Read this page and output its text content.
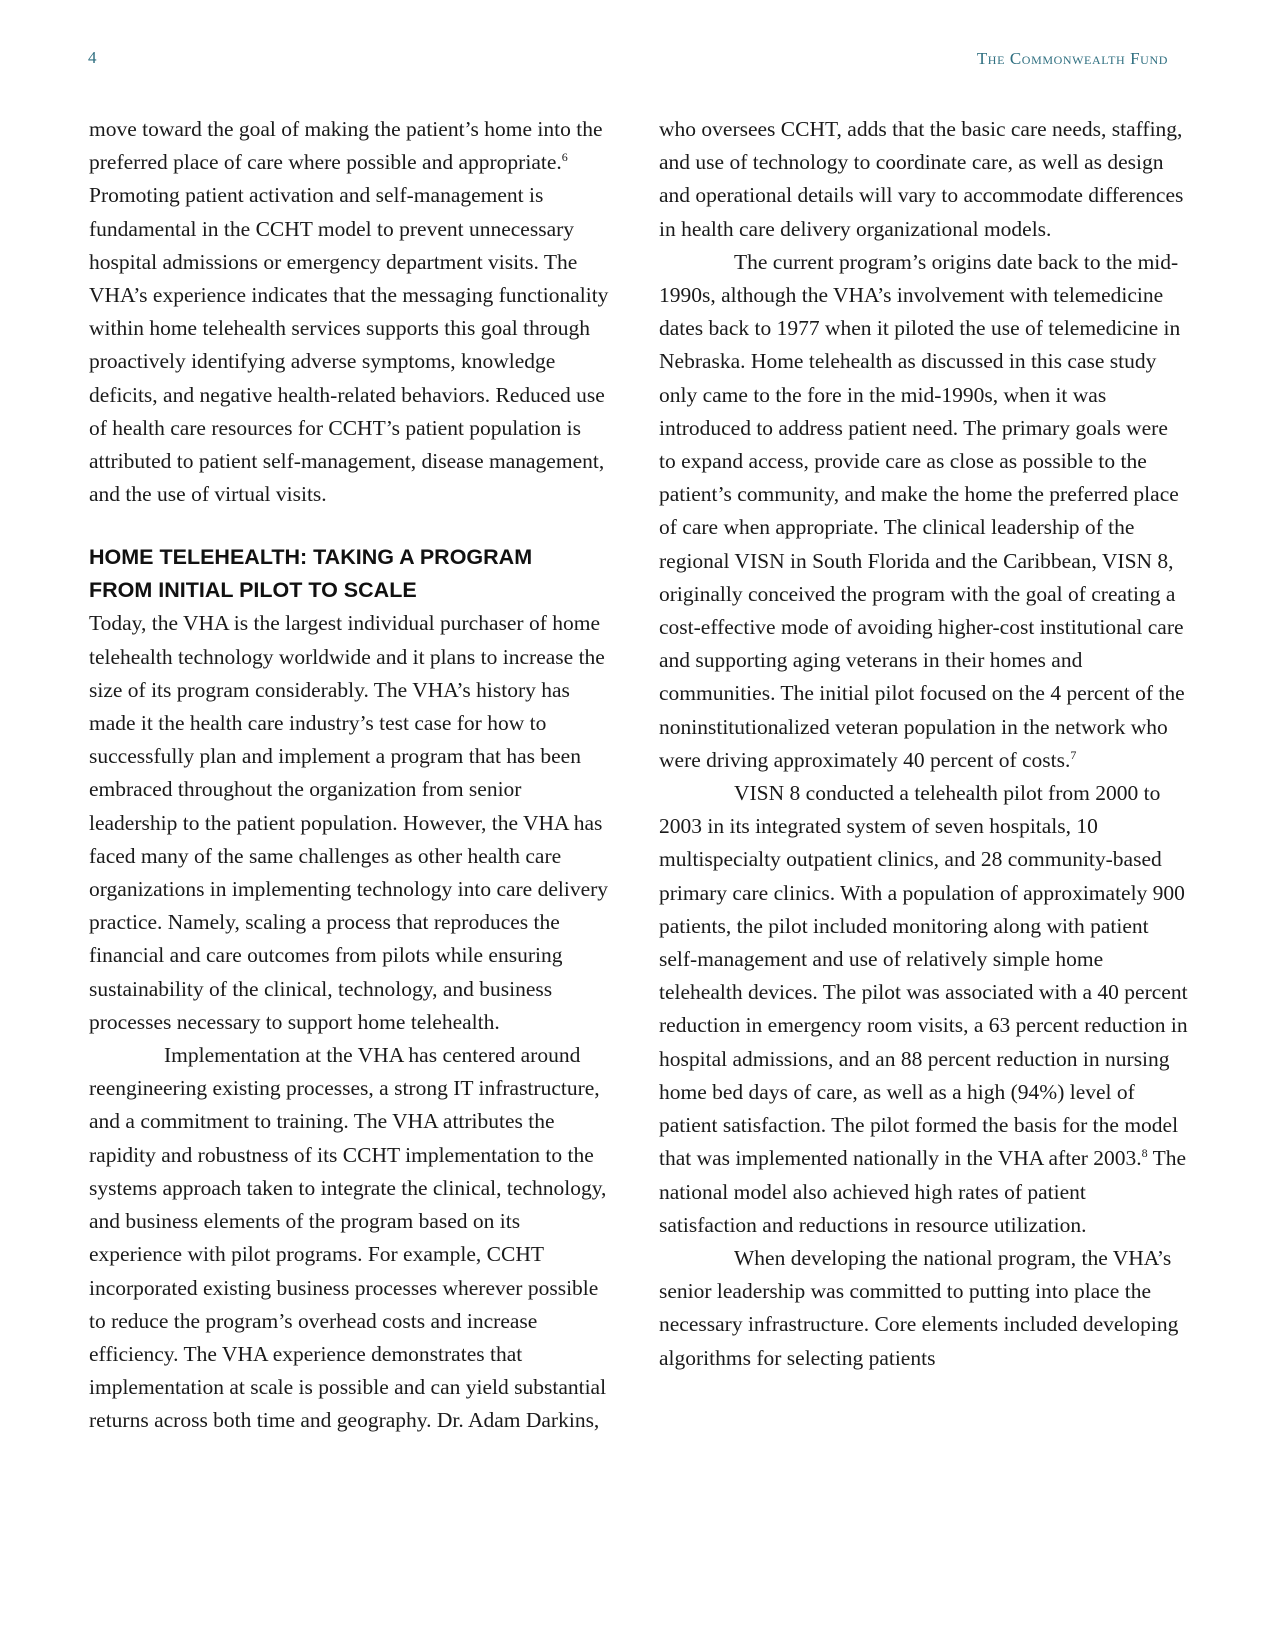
4	The Commonwealth Fund

move toward the goal of making the patient’s home into the preferred place of care where possible and appropriate.$^6$ Promoting patient activation and self-management is fundamental in the CCHT model to prevent unnecessary hospital admissions or emergency department visits. The VHA’s experience indicates that the messaging functionality within home telehealth services supports this goal through proactively identifying adverse symptoms, knowledge deficits, and negative health-related behaviors. Reduced use of health care resources for CCHT’s patient population is attributed to patient self-management, disease management, and the use of virtual visits.

HOME TELEHEALTH: TAKING A PROGRAM
FROM INITIAL PILOT TO SCALE

Today, the VHA is the largest individual purchaser of home telehealth technology worldwide and it plans to increase the size of its program considerably. The VHA’s history has made it the health care industry’s test case for how to successfully plan and implement a program that has been embraced throughout the organization from senior leadership to the patient population. However, the VHA has faced many of the same challenges as other health care organizations in implementing technology into care delivery practice. Namely, scaling a process that reproduces the financial and care outcomes from pilots while ensuring sustainability of the clinical, technology, and business processes necessary to support home telehealth.

Implementation at the VHA has centered around reengineering existing processes, a strong IT infrastructure, and a commitment to training. The VHA attributes the rapidity and robustness of its CCHT implementation to the systems approach taken to integrate the clinical, technology, and business elements of the program based on its experience with pilot programs. For example, CCHT incorporated existing business processes wherever possible to reduce the program’s overhead costs and increase efficiency. The VHA experience demonstrates that implementation at scale is possible and can yield substantial returns across both time and geography. Dr. Adam Darkins,

who oversees CCHT, adds that the basic care needs, staffing, and use of technology to coordinate care, as well as design and operational details will vary to accommodate differences in health care delivery organizational models.

The current program’s origins date back to the mid-1990s, although the VHA’s involvement with telemedicine dates back to 1977 when it piloted the use of telemedicine in Nebraska. Home telehealth as discussed in this case study only came to the fore in the mid-1990s, when it was introduced to address patient need. The primary goals were to expand access, provide care as close as possible to the patient’s community, and make the home the preferred place of care when appropriate. The clinical leadership of the regional VISN in South Florida and the Caribbean, VISN 8, originally conceived the program with the goal of creating a cost-effective mode of avoiding higher-cost institutional care and supporting aging veterans in their homes and communities. The initial pilot focused on the 4 percent of the noninstitutionalized veteran population in the network who were driving approximately 40 percent of costs.$^7$

VISN 8 conducted a telehealth pilot from 2000 to 2003 in its integrated system of seven hospitals, 10 multispecialty outpatient clinics, and 28 community-based primary care clinics. With a population of approximately 900 patients, the pilot included monitoring along with patient self-management and use of relatively simple home telehealth devices. The pilot was associated with a 40 percent reduction in emergency room visits, a 63 percent reduction in hospital admissions, and an 88 percent reduction in nursing home bed days of care, as well as a high (94%) level of patient satisfaction. The pilot formed the basis for the model that was implemented nationally in the VHA after 2003.$^8$ The national model also achieved high rates of patient satisfaction and reductions in resource utilization.

When developing the national program, the VHA’s senior leadership was committed to putting into place the necessary infrastructure. Core elements included developing algorithms for selecting patients
